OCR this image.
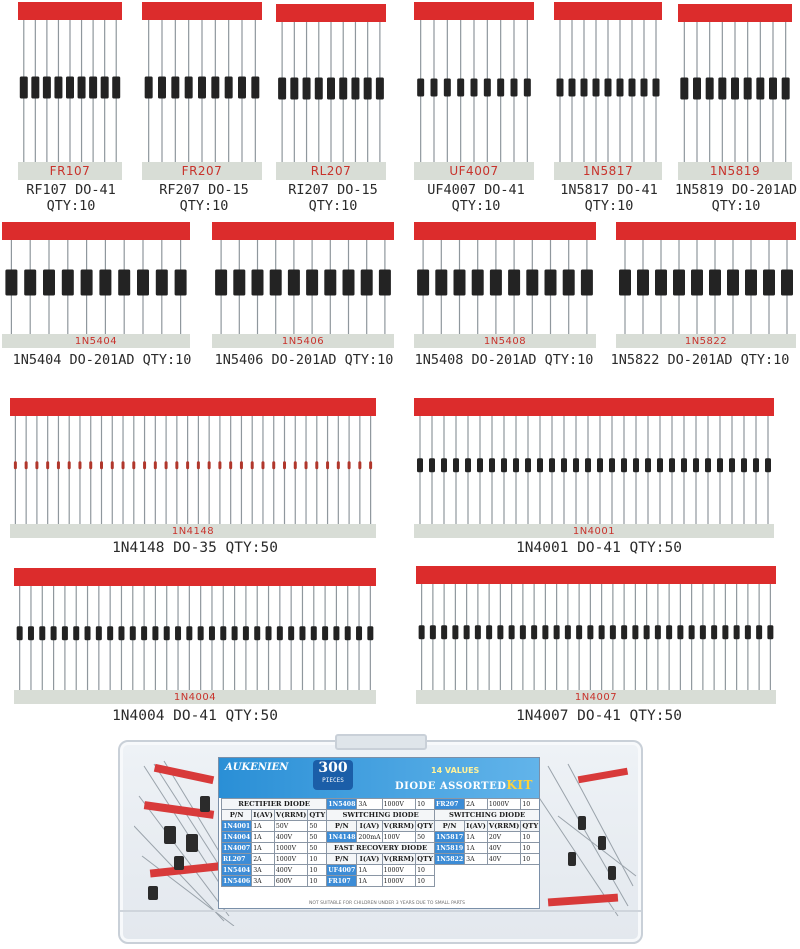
FR107	FR207	RL207	UF4007	1N5817	1N5819
RF107 DO-41
QTY:10
RF207 DO-15
QTY:10
RI207 DO-15
QTY:10
UF4007 DO-41
QTY:10
1N5817 DO-41
QTY:10
1N5819 DO-201AD
QTY:10
1N5404	1N5406	1N5408	1N5822
1N5404 DO-201AD QTY:10	1N5406 DO-201AD QTY:10	1N5408 DO-201AD QTY:10	1N5822 DO-201AD QTY:10
1N4148	1N4001
1N4148 DO-35 QTY:50	1N4001 DO-41 QTY:50
1N4004	1N4007
1N4004 DO-41 QTY:50	1N4007 DO-41 QTY:50
AUKENIEN	300
PIECES
14 VALUES
DIODE ASSORTEDKIT
RECTIFIER DIODE				1N5408	3A	1000V	10	FR207	2A	1000V	10
P/N	I(AV)	V(RRM)	QTY	SWITCHING DIODE				SWITCHING DIODE			
1N4001	1A	50V	50	P/N	I(AV)	V(RRM)	QTY	P/N	I(AV)	V(RRM)	QTY
1N4004	1A	400V	50	1N4148	200mA	100V	50	1N5817	1A	20V	10
1N4007	1A	1000V	50	FAST RECOVERY DIODE				1N5819	1A	40V	10
RL207	2A	1000V	10	P/N	I(AV)	V(RRM)	QTY	1N5822	3A	40V	10
1N5404	3A	400V	10	UF4007	1A	1000V	10				
1N5406	3A	600V	10	FR107	1A	1000V	10				
NOT SUITABLE FOR CHILDREN UNDER 3 YEARS DUE TO SMALL PARTS
